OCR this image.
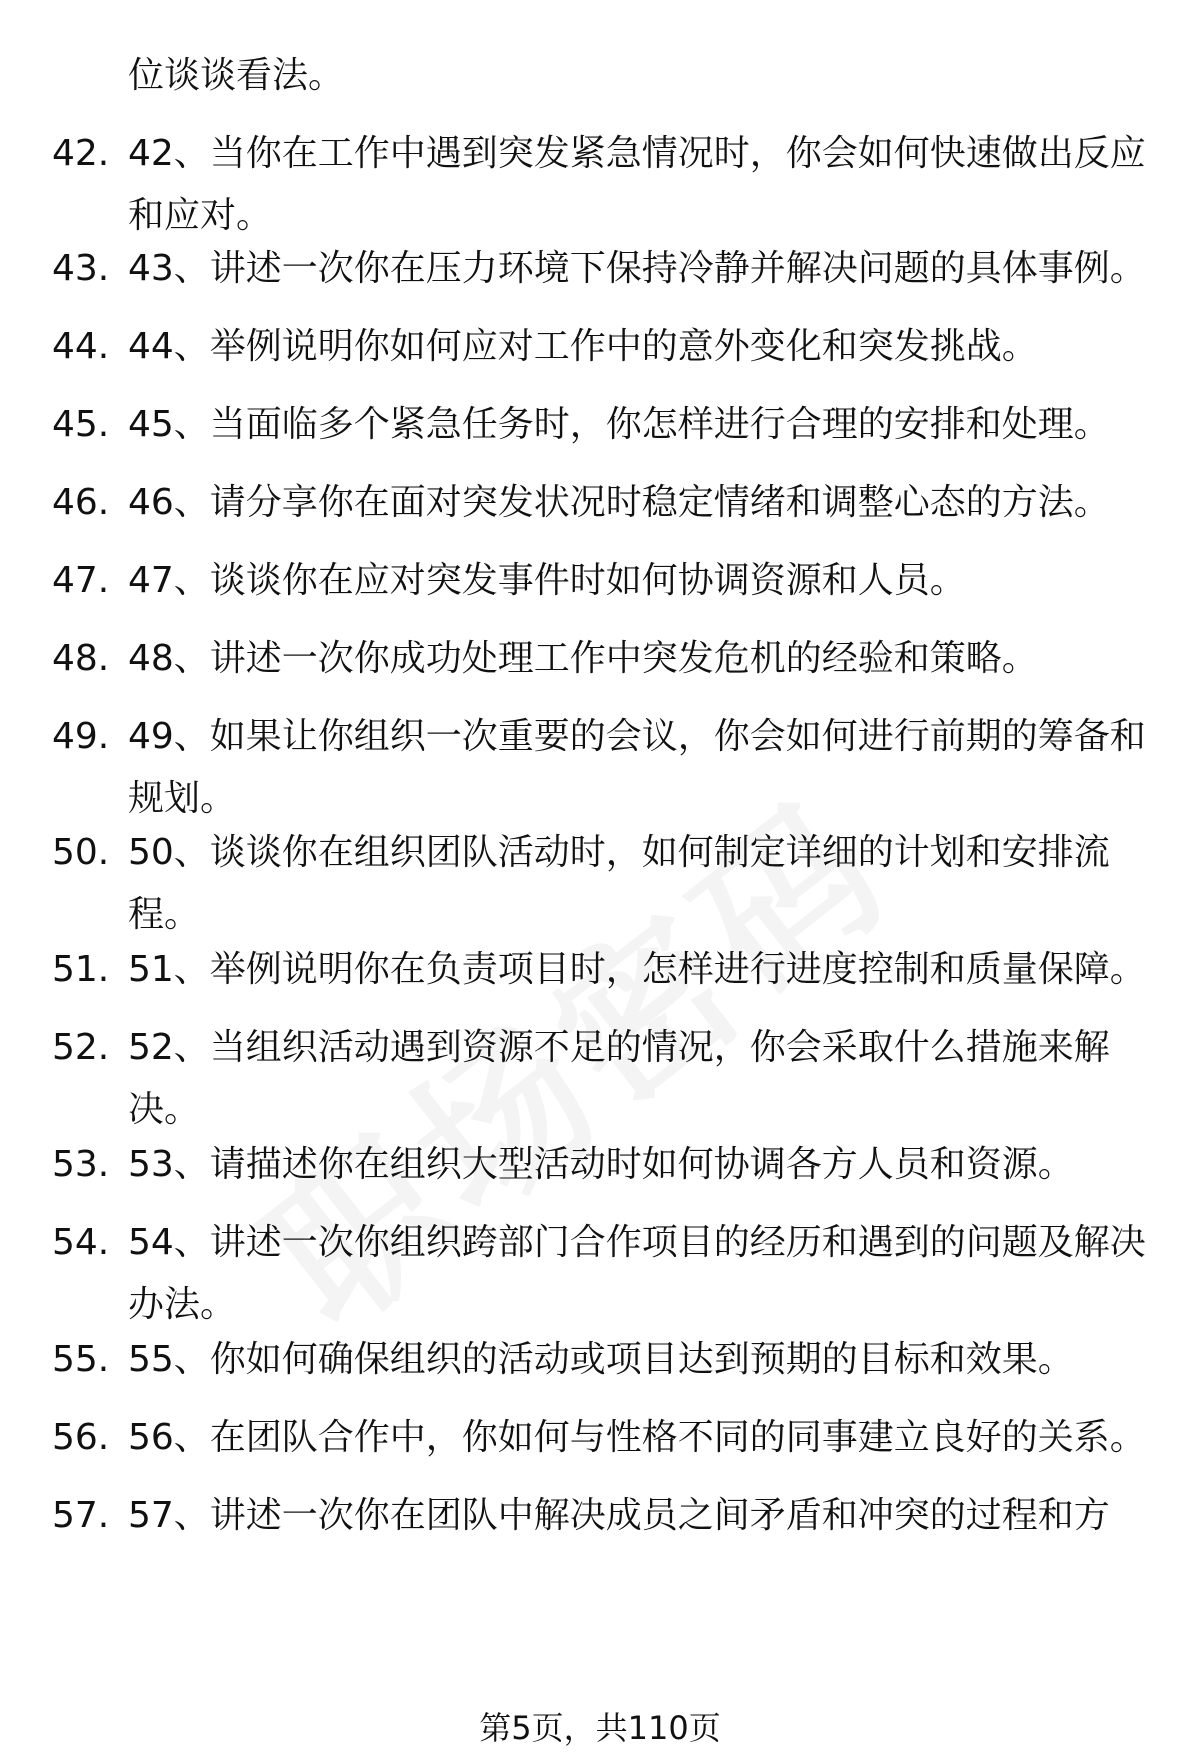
位谈谈看法。
42. 42、当你在工作中遇到突发紧急情况时，你会如何快速做出反应和应对。
43. 43、讲述一次你在压力环境下保持冷静并解决问题的具体事例。
44. 44、举例说明你如何应对工作中的意外变化和突发挑战。
45. 45、当面临多个紧急任务时，你怎样进行合理的安排和处理。
46. 46、请分享你在面对突发状况时稳定情绪和调整心态的方法。
47. 47、谈谈你在应对突发事件时如何协调资源和人员。
48. 48、讲述一次你成功处理工作中突发危机的经验和策略。
49. 49、如果让你组织一次重要的会议，你会如何进行前期的筹备和规划。
50. 50、谈谈你在组织团队活动时，如何制定详细的计划和安排流程。
51. 51、举例说明你在负责项目时，怎样进行进度控制和质量保障。
52. 52、当组织活动遇到资源不足的情况，你会采取什么措施来解决。
53. 53、请描述你在组织大型活动时如何协调各方人员和资源。
54. 54、讲述一次你组织跨部门合作项目的经历和遇到的问题及解决办法。
55. 55、你如何确保组织的活动或项目达到预期的目标和效果。
56. 56、在团队合作中，你如何与性格不同的同事建立良好的关系。
57. 57、讲述一次你在团队中解决成员之间矛盾和冲突的过程和方
第5页，共110页
